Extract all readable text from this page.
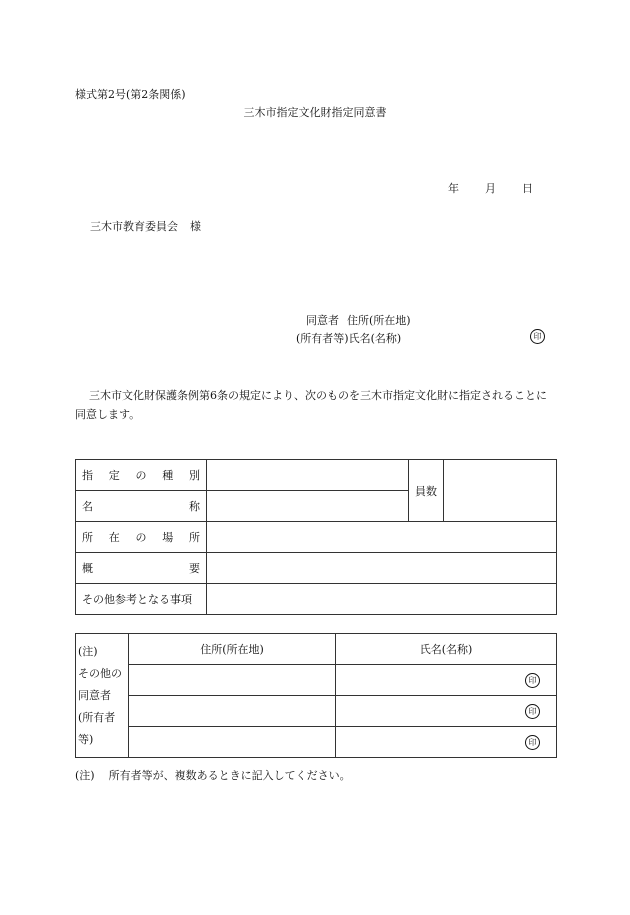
様式第2号(第2条関係)
三木市指定文化財指定同意書
年 月 日
三木市教育委員会 様
同意者 住所(所在地)
(所有者等)氏名(名称)	印
三木市文化財保護条例第6条の規定により、次のものを三木市指定文化財に指定されることに同意します。
指定の種別		員数	
名称			
所在の場所			
概要			
その他参考となる事項			
(注)
その他の
同意者
(所有者等)	住所(所在地)	氏名(名称)
		印
		印
		印
(注) 所有者等が、複数あるときに記入してください。
